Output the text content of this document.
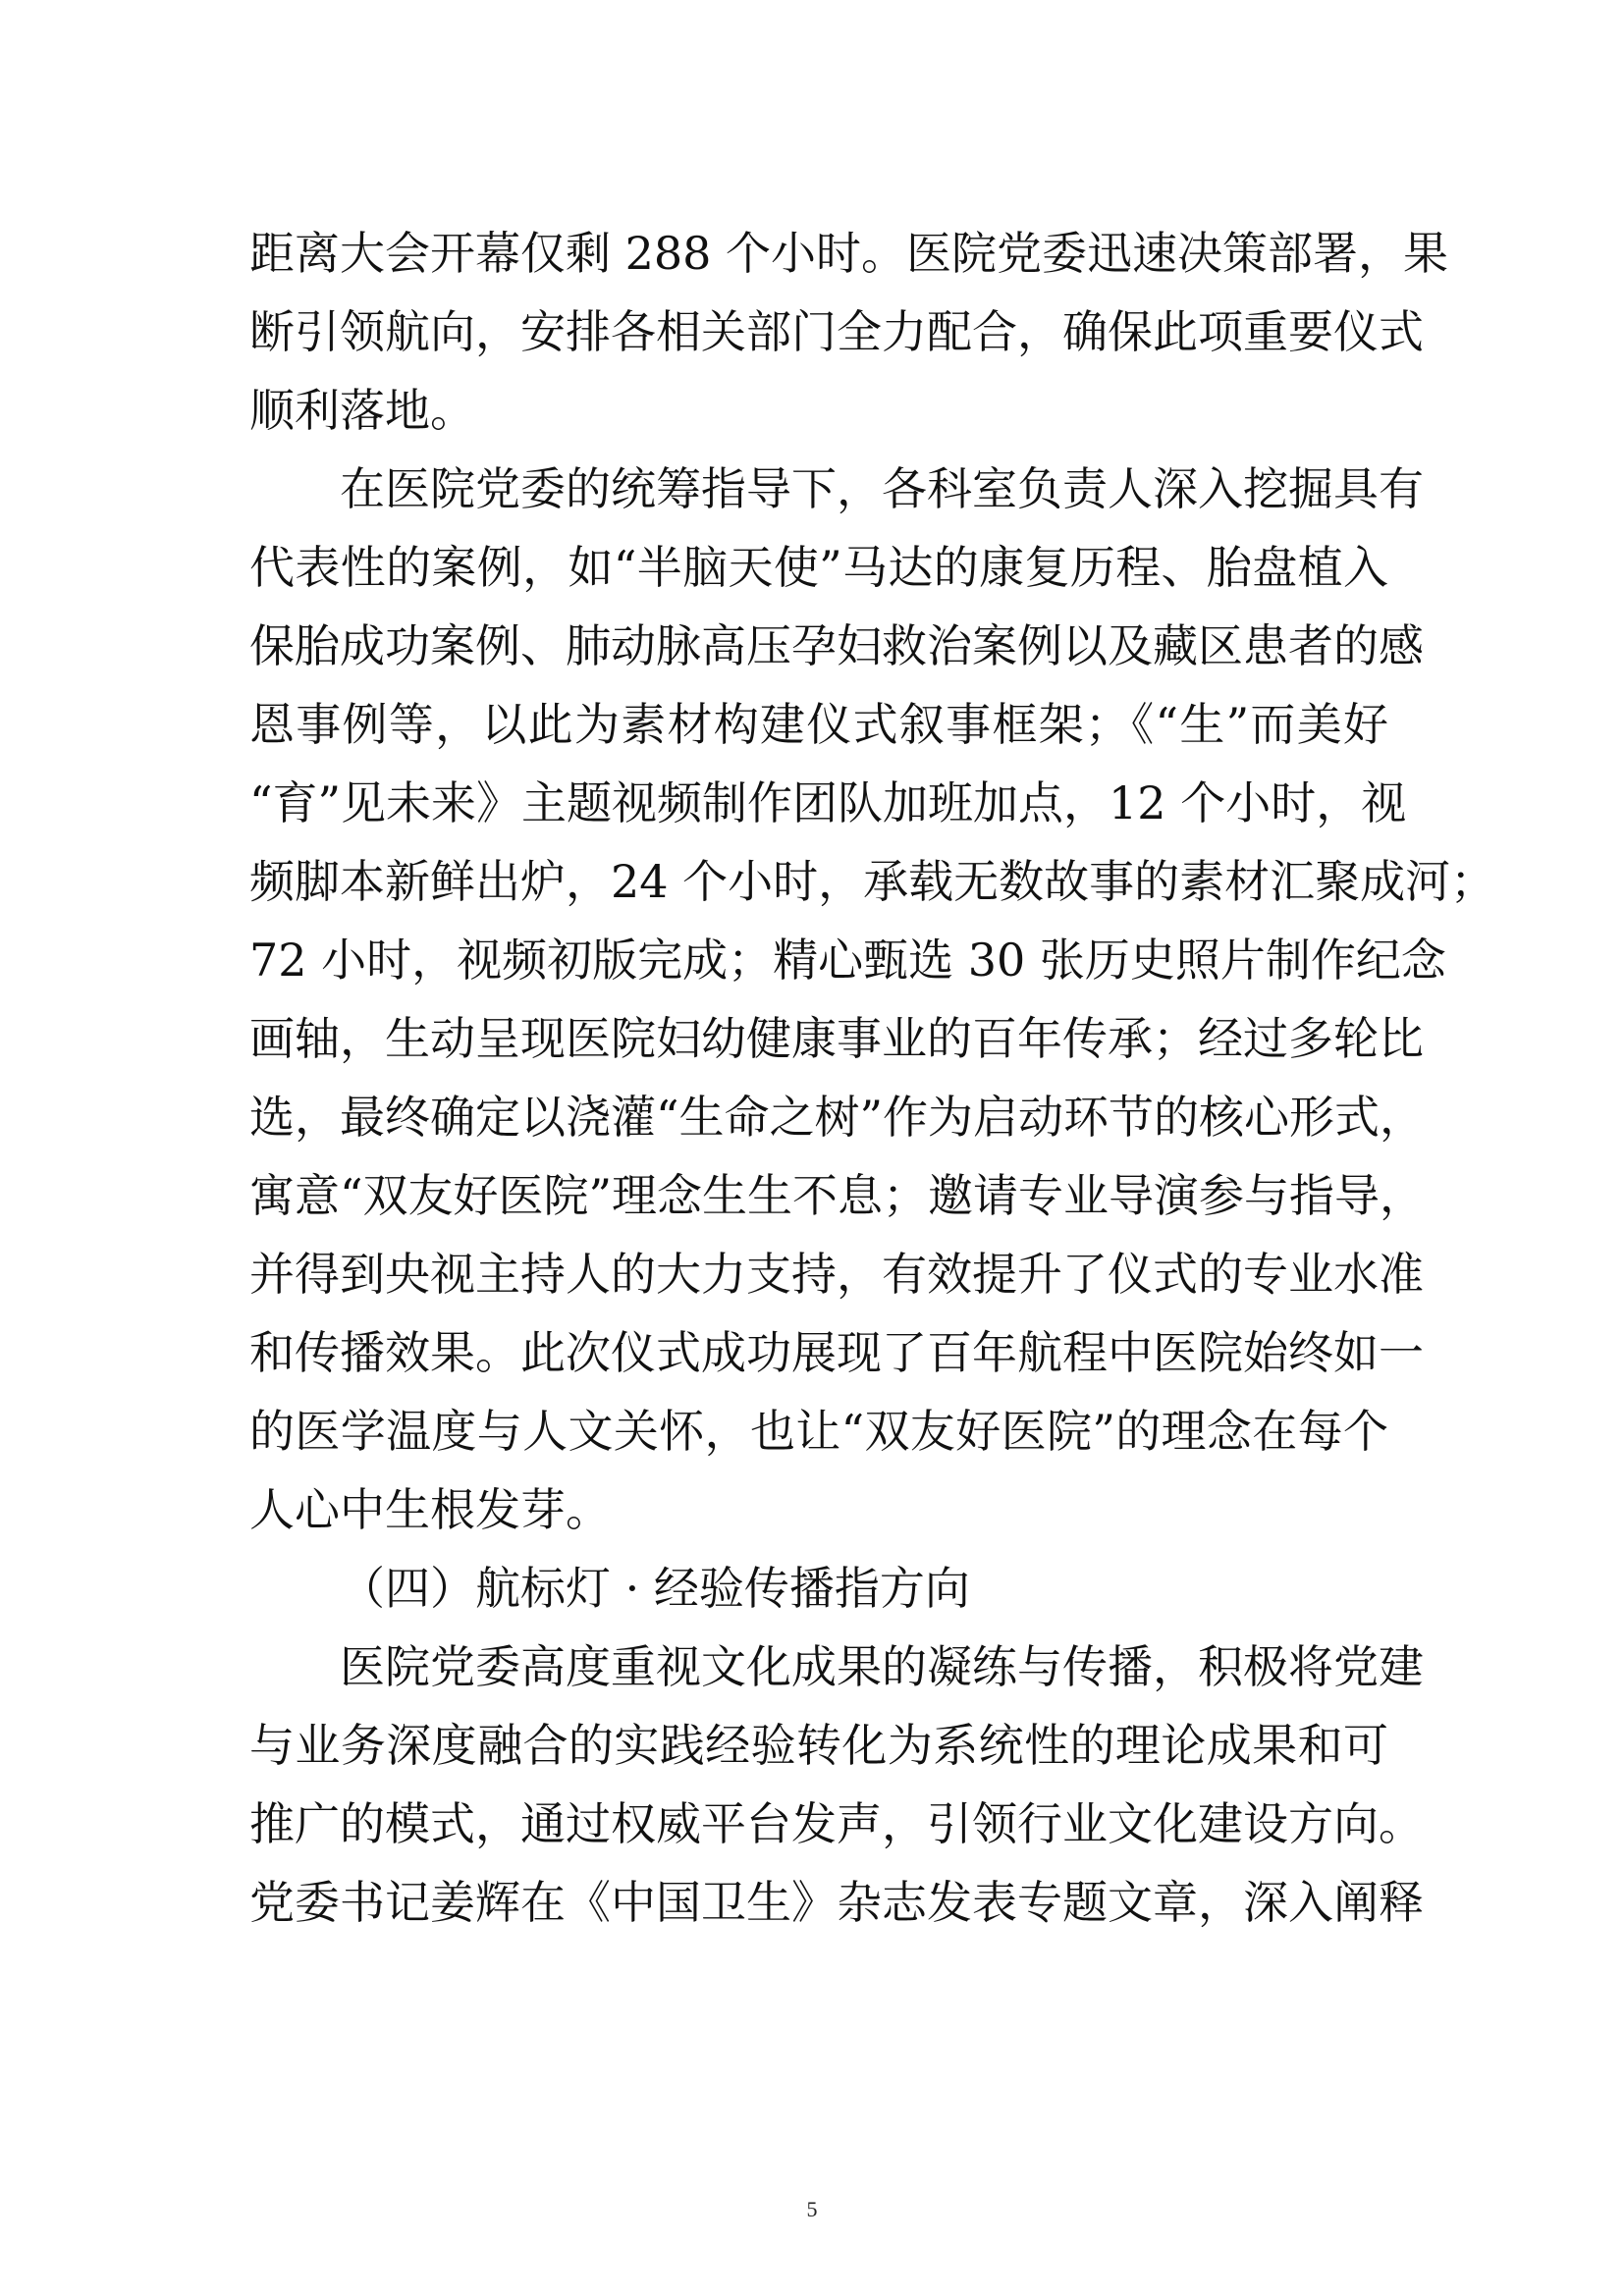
距离大会开幕仅剩 288 个小时。医院党委迅速决策部署，果
断引领航向，安排各相关部门全力配合，确保此项重要仪式
顺利落地。
在医院党委的统筹指导下，各科室负责人深入挖掘具有
代表性的案例，如“半脑天使”马达的康复历程、胎盘植入
保胎成功案例、肺动脉高压孕妇救治案例以及藏区患者的感
恩事例等，以此为素材构建仪式叙事框架；《“生”而美好
“育”见未来》主题视频制作团队加班加点，12 个小时，视
频脚本新鲜出炉，24 个小时，承载无数故事的素材汇聚成河；
72 小时，视频初版完成；精心甄选 30 张历史照片制作纪念
画轴，生动呈现医院妇幼健康事业的百年传承；经过多轮比
选，最终确定以浇灌“生命之树”作为启动环节的核心形式，
寓意“双友好医院”理念生生不息；邀请专业导演参与指导，
并得到央视主持人的大力支持，有效提升了仪式的专业水准
和传播效果。此次仪式成功展现了百年航程中医院始终如一
的医学温度与人文关怀，也让“双友好医院”的理念在每个
人心中生根发芽。
（四）航标灯 · 经验传播指方向
医院党委高度重视文化成果的凝练与传播，积极将党建
与业务深度融合的实践经验转化为系统性的理论成果和可
推广的模式，通过权威平台发声，引领行业文化建设方向。
党委书记姜辉在《中国卫生》杂志发表专题文章，深入阐释
5
